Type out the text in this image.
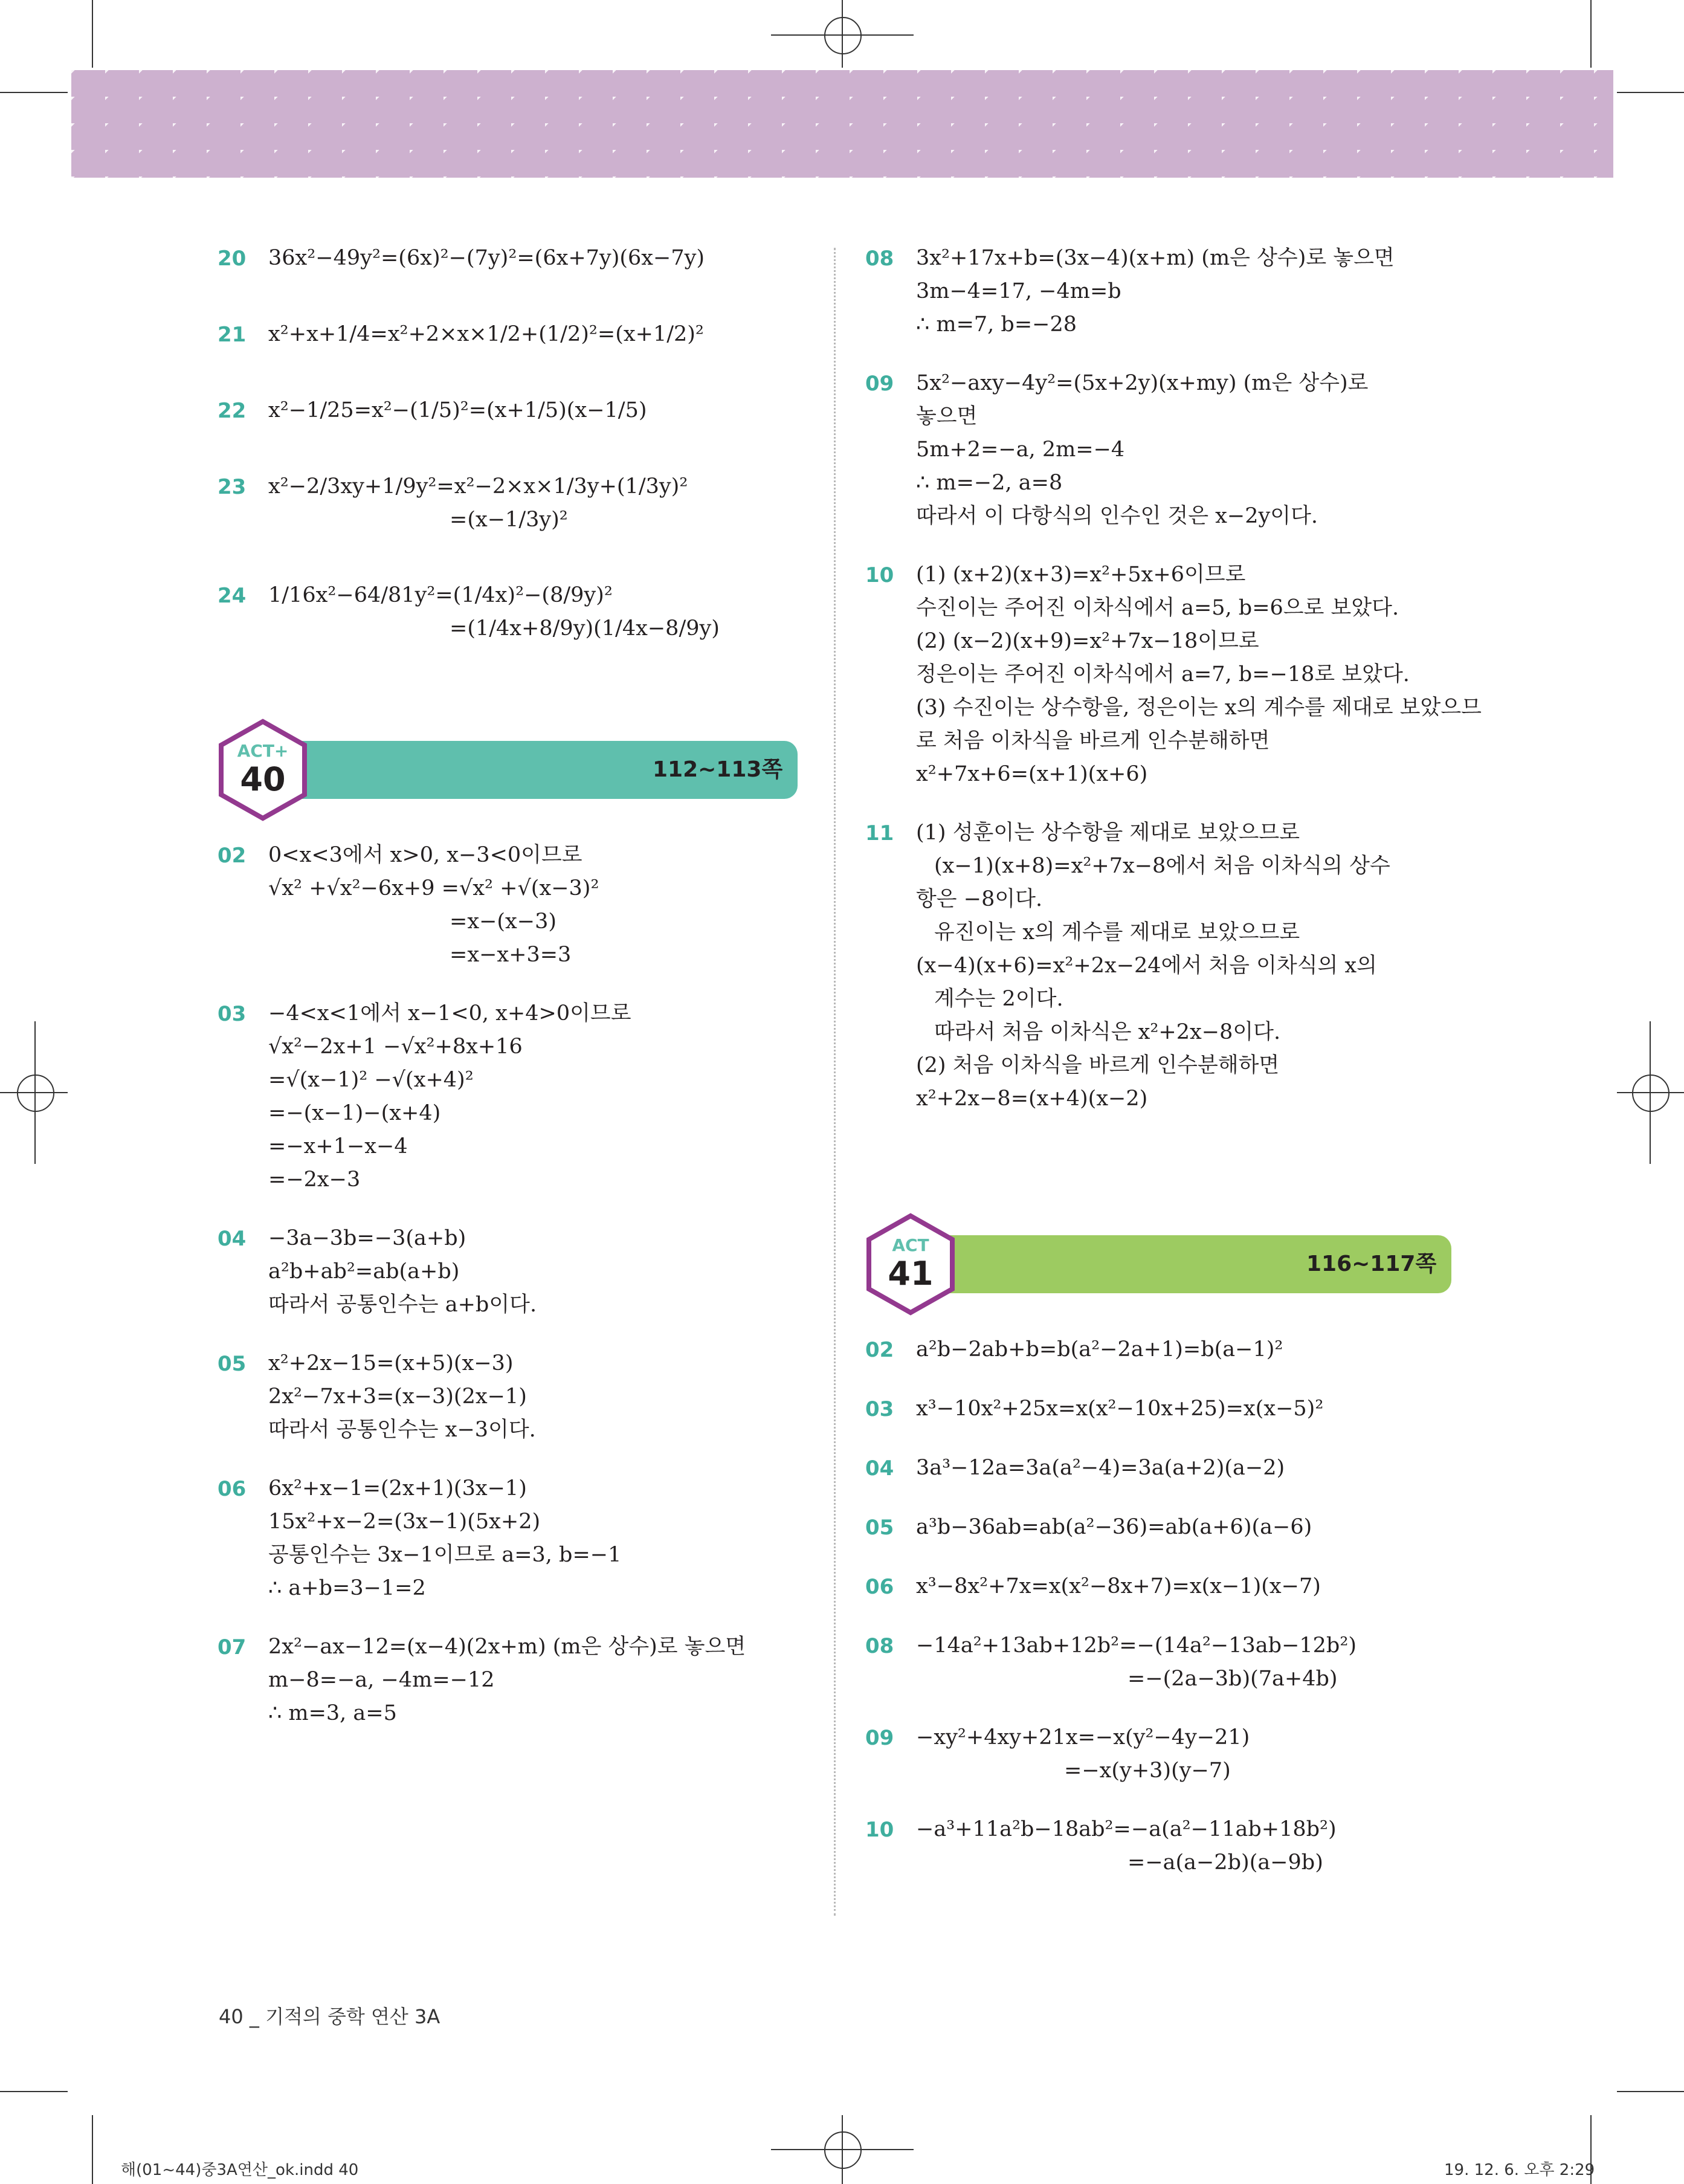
20	36x²−49y²=(6x)²−(7y)²=(6x+7y)(6x−7y)
21	x²+x+1/4=x²+2×x×1/2+(1/2)²=(x+1/2)²
22	x²−1/25=x²−(1/5)²=(x+1/5)(x−1/5)
23	x²−2/3xy+1/9y²=x²−2×x×1/3y+(1/3y)²
=(x−1/3y)²
24	1/16x²−64/81y²=(1/4x)²−(8/9y)²
=(1/4x+8/9y)(1/4x−8/9y)
ACT+
40	112~113쪽
02	0<x<3에서 x>0, x−3<0이므로
√x² +√x²−6x+9 =√x² +√(x−3)²
=x−(x−3)
=x−x+3=3
03	−4<x<1에서 x−1<0, x+4>0이므로
√x²−2x+1 −√x²+8x+16
=√(x−1)² −√(x+4)²
=−(x−1)−(x+4)
=−x+1−x−4
=−2x−3
04	−3a−3b=−3(a+b)
a²b+ab²=ab(a+b)
따라서 공통인수는 a+b이다.
05	x²+2x−15=(x+5)(x−3)
2x²−7x+3=(x−3)(2x−1)
따라서 공통인수는 x−3이다.
06	6x²+x−1=(2x+1)(3x−1)
15x²+x−2=(3x−1)(5x+2)
공통인수는 3x−1이므로 a=3, b=−1
∴ a+b=3−1=2
07	2x²−ax−12=(x−4)(2x+m) (m은 상수)로 놓으면
m−8=−a, −4m=−12
∴ m=3, a=5
08	3x²+17x+b=(3x−4)(x+m) (m은 상수)로 놓으면
3m−4=17, −4m=b
∴ m=7, b=−28
09	5x²−axy−4y²=(5x+2y)(x+my) (m은 상수)로
놓으면
5m+2=−a, 2m=−4
∴ m=−2, a=8
따라서 이 다항식의 인수인 것은 x−2y이다.
10	(1) (x+2)(x+3)=x²+5x+6이므로
수진이는 주어진 이차식에서 a=5, b=6으로 보았다.
(2) (x−2)(x+9)=x²+7x−18이므로
정은이는 주어진 이차식에서 a=7, b=−18로 보았다.
(3) 수진이는 상수항을, 정은이는 x의 계수를 제대로 보았으므
로 처음 이차식을 바르게 인수분해하면
x²+7x+6=(x+1)(x+6)
11	(1) 성훈이는 상수항을 제대로 보았으므로
(x−1)(x+8)=x²+7x−8에서 처음 이차식의 상수
항은 −8이다.
유진이는 x의 계수를 제대로 보았으므로
(x−4)(x+6)=x²+2x−24에서 처음 이차식의 x의
계수는 2이다.
따라서 처음 이차식은 x²+2x−8이다.
(2) 처음 이차식을 바르게 인수분해하면
x²+2x−8=(x+4)(x−2)
ACT
41	116~117쪽
02	a²b−2ab+b=b(a²−2a+1)=b(a−1)²
03	x³−10x²+25x=x(x²−10x+25)=x(x−5)²
04	3a³−12a=3a(a²−4)=3a(a+2)(a−2)
05	a³b−36ab=ab(a²−36)=ab(a+6)(a−6)
06	x³−8x²+7x=x(x²−8x+7)=x(x−1)(x−7)
08	−14a²+13ab+12b²=−(14a²−13ab−12b²)
=−(2a−3b)(7a+4b)
09	−xy²+4xy+21x=−x(y²−4y−21)
=−x(y+3)(y−7)
10	−a³+11a²b−18ab²=−a(a²−11ab+18b²)
=−a(a−2b)(a−9b)
40 _ 기적의 중학 연산 3A
해(01~44)중3A연산_ok.indd 40	19. 12. 6. 오후 2:29
